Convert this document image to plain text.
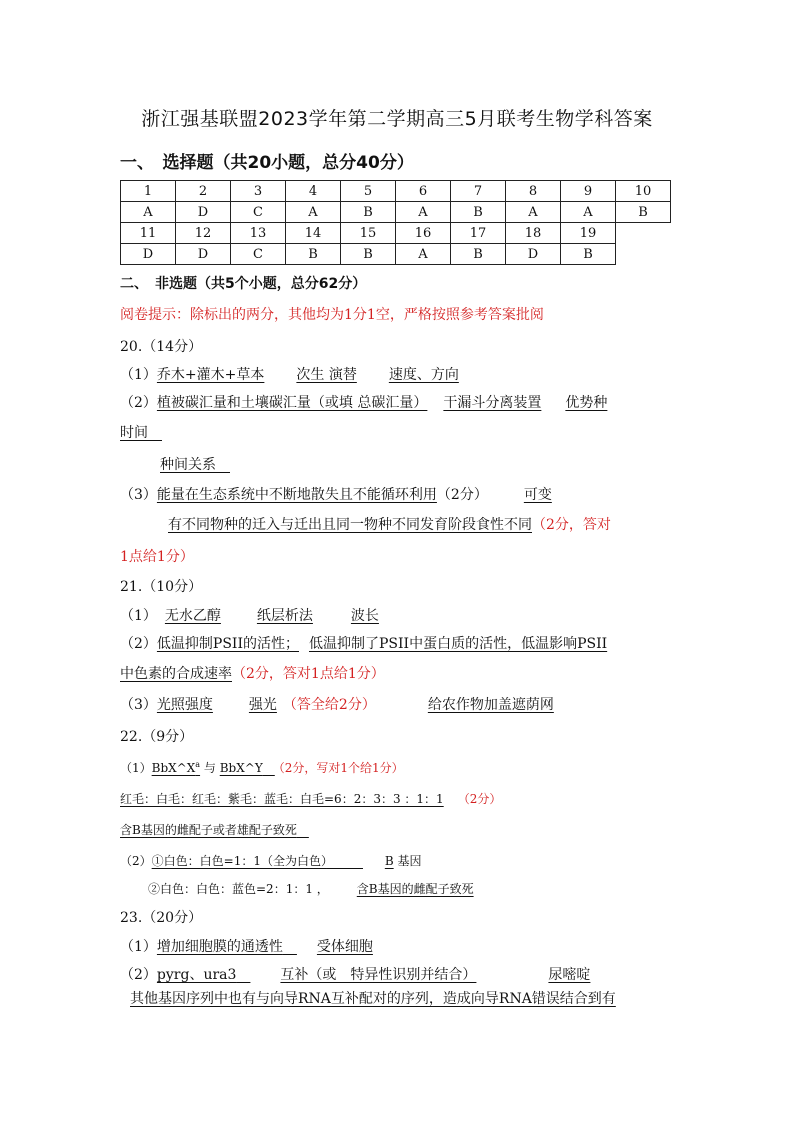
浙江强基联盟2023学年第二学期高三5月联考生物学科答案
一、　选择题（共20小题，总分40分）
1	2	3	4	5	6	7	8	9	10
A	D	C	A	B	A	B	A	A	B
11	12	13	14	15	16	17	18	19	
D	D	C	B	B	A	B	D	B	
二、　非选题（共5个小题，总分62分）
阅卷提示：除标出的两分，其他均为1分1空，严格按照参考答案批阅
20.（14分）
（1）乔木+灌木+草本 次生 演替 速度、方向
（2）植被碳汇量和土壤碳汇量（或填 总碳汇量） 干漏斗分离装置 优势种
时间　
种间关系　
（3）能量在生态系统中不断地散失且不能循环利用（2分）	可变
有不同物种的迁入与迁出且同一物种不同发育阶段食性不同（2分，答对
1点给1分）
21.（10分）
（1） 无水乙醇	纸层析法	波长
（2）低温抑制PSII的活性； 低温抑制了PSII中蛋白质的活性，低温影响PSII
中色素的合成速率（2分，答对1点给1分）
（3）光照强度	强光 （答全给2分）	给农作物加盖遮荫网
22.（9分）
$(1)BbX\^{}X^a$ 与 BbX^Y　 （2分，写对1个给1分）
红毛：白毛：红毛：紫毛：蓝毛：白毛=6：2：3：3 ：1：1 （2分）
含B基因的雌配子或者雄配子致死　
（2）①白色：白色=1：1（全为白色）　　　	B 基因
②白色：白色：蓝色=2：1：1 ， 含B基因的雌配子致死
23.（20分）
（1）增加细胞膜的通透性　 受体细胞
（2）pyrg、ura3　	互补（或　特异性识别并结合）	尿嘧啶
其他基因序列中也有与向导RNA互补配对的序列，造成向导RNA错误结合到有
